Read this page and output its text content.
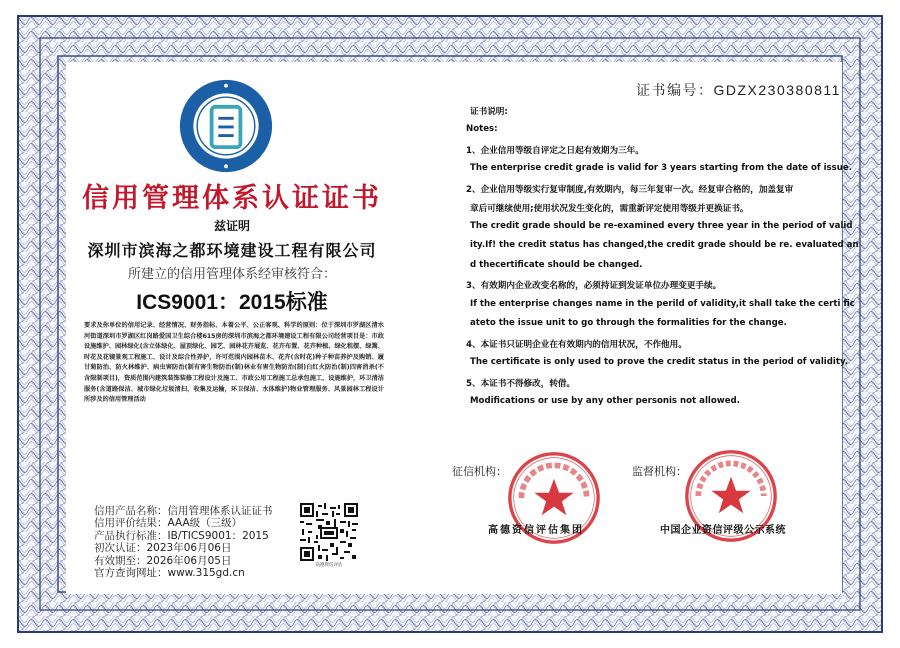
证书编号：GDZX230380811
信用管理体系认证证书
兹证明
深圳市滨海之都环境建设工程有限公司
所建立的信用管理体系经审核符合：
ICS9001：2015标准
要求及你单位的信用记录、经营情况、财务指标、本着公平、公正客观、科学的原则：位于深圳市罗湖区清水河街道深圳市罗湖区红岗路爱国卫生综合楼615房的深圳市滨海之都环境建设工程有限公司经营项目是：市政设施维护、园林绿化(含立体绿化、屋顶绿化、园艺、园林花卉展览、花卉布置、花卉种植、绿化租摆、绿篱、时花及花镜景观工程施工、设计及综合性养护，许可范围内园林苗木、花卉(含时花)种子种苗养护及购销、履甘菊防治、防火林维护、病虫害防治(制有害生物防治(制)林业有害生物防治(制)白红火防治(制)四害消杀(不含限制项目)，资质范围内建筑装饰装修工程设计及施工、市政公用工程施工总承包施工，设施维护，环卫清洁服务(含道路保洁、城市绿化垃圾清扫，收集及运输，环卫保洁、水体维护)物业管理服务、风景园林工程设计所涉及的信用管理活动
信用产品名称：信用管理体系认证证书
信用评价结果：AAA级（三级）
产品执行标准：IB/TICS9001：2015
初次认证：2023年06月06日
有效期至：2026年06月05日
官方查询网址：www.315gd.cn
高德资信评估
证书说明:
Notes:
1、企业信用等级自评定之日起有效期为三年。
The enterprise credit grade is valid for 3 years starting from the date of issue.
2、企业信用等级实行复审制度,有效期内，每三年复审一次。经复审合格的，加盖复审
章后可继续使用;使用状况发生变化的，需重新评定使用等级并更换证书。
The credit grade should be re-examined every three year in the period of valid
ity.If! the credit status has changed,the credit grade should be re. evaluated an
d thecertificate should be changed.
3、有效期内企业改变名称的，必须持证到发证单位办理变更手续。
If the enterprise changes name in the perild of validity,it shall take the certi fic
ateto the issue unit to go through the formalities for the change.
4、本证书只证明企业在有效期内的信用状况，不作他用。
The certificate is only used to prove the credit status in the period of validity.
5、本证书不得修改，转借。
Modifications or use by any other personis not allowed.
征信机构：
高德资信评估集团
监督机构：
中国企业资信评级公示系统
